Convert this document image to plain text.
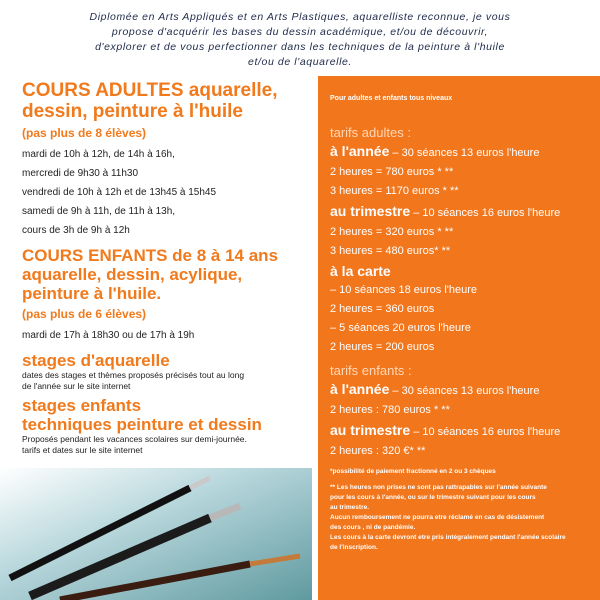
Diplomée en Arts Appliqués et en Arts Plastiques, aquarelliste reconnue, je vous
propose d'acquérir les bases du dessin académique, et/ou de découvrir,
d'explorer et de vous perfectionner dans les techniques de la peinture à l'huile
et/ou de l'aquarelle.
COURS ADULTES aquarelle,
dessin, peinture à l'huile
(pas plus de 8 élèves)
mardi de 10h à 12h, de 14h à 16h,
mercredi de 9h30 à 11h30
vendredi de 10h à 12h et de 13h45 à 15h45
samedi de 9h à 11h, de 11h à 13h,
cours de 3h de 9h à 12h
COURS ENFANTS de 8 à 14 ans
aquarelle, dessin, acylique,
peinture à l'huile.
(pas plus de 6 élèves)
mardi de 17h à 18h30 ou de 17h à 19h
stages d'aquarelle
dates des stages et thèmes proposés précisés tout au long
de l'année sur le site internet
stages enfants
techniques peinture et dessin
Proposés pendant les vacances scolaires sur demi-journée.
tarifs et dates sur le site internet
Pour adultes et enfants tous niveaux
tarifs adultes :
à l'année – 30 séances 13 euros l'heure
2 heures = 780 euros * **
3 heures = 1170 euros * **
au trimestre – 10 séances 16 euros l'heure
2 heures = 320 euros * **
3 heures = 480 euros* **
à la carte
– 10 séances 18 euros l'heure
2 heures = 360 euros
– 5 séances 20 euros l'heure
2 heures = 200 euros
tarifs enfants :
à l'année – 30 séances 13 euros l'heure
2 heures : 780 euros * **
au trimestre – 10 séances 16 euros l'heure
2 heures : 320 €* **
*possibilité de paiement fractionné en 2 ou 3 chèques
** Les heures non prises ne sont pas rattrapables sur l'année suivante
pour les cours à l'année, ou sur le trimestre suivant pour les cours
au trimestre.
Aucun remboursement ne pourra etre réclamé en cas de désistement
des cours , ni de pandémie.
Les cours à la carte devront etre pris intégralement pendant l'année scolaire
de l'inscription.
